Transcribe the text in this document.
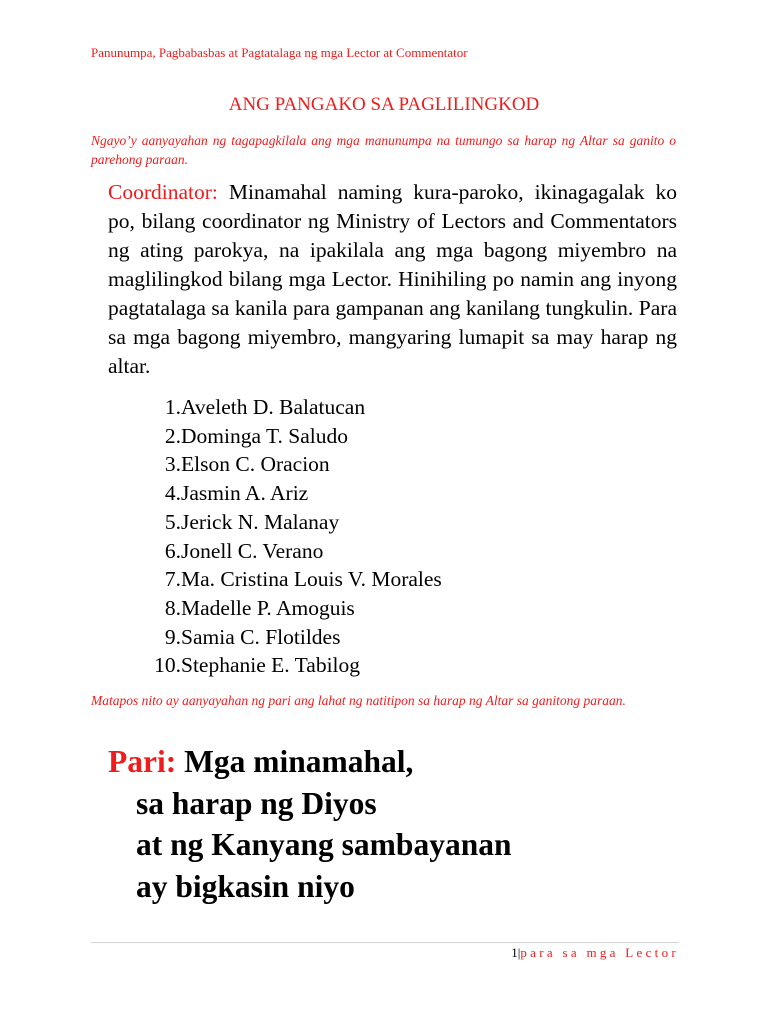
Panunumpa, Pagbabasbas at Pagtatalaga ng mga Lector at Commentator
ANG PANGAKO SA PAGLILINGKOD
Ngayo’y aanyayahan ng tagapagkilala ang mga manunumpa na tumungo sa harap ng Altar sa ganito o parehong paraan.
Coordinator: Minamahal naming kura-paroko, ikinagagalak ko po, bilang coordinator ng Ministry of Lectors and Commentators ng ating parokya, na ipakilala ang mga bagong miyembro na maglilingkod bilang mga Lector. Hinihiling po namin ang inyong pagtatalaga sa kanila para gampanan ang kanilang tungkulin. Para sa mga bagong miyembro, mangyaring lumapit sa may harap ng altar.
1. Aveleth D. Balatucan
2. Dominga T. Saludo
3. Elson C. Oracion
4. Jasmin A. Ariz
5. Jerick N. Malanay
6. Jonell C. Verano
7. Ma. Cristina Louis V. Morales
8. Madelle P. Amoguis
9. Samia C. Flotildes
10. Stephanie E. Tabilog
Matapos nito ay aanyayahan ng pari ang lahat ng natitipon sa harap ng Altar sa ganitong paraan.
Pari: Mga minamahal,
sa harap ng Diyos
at ng Kanyang sambayanan
ay bigkasin niyo
1|para sa mga Lector
